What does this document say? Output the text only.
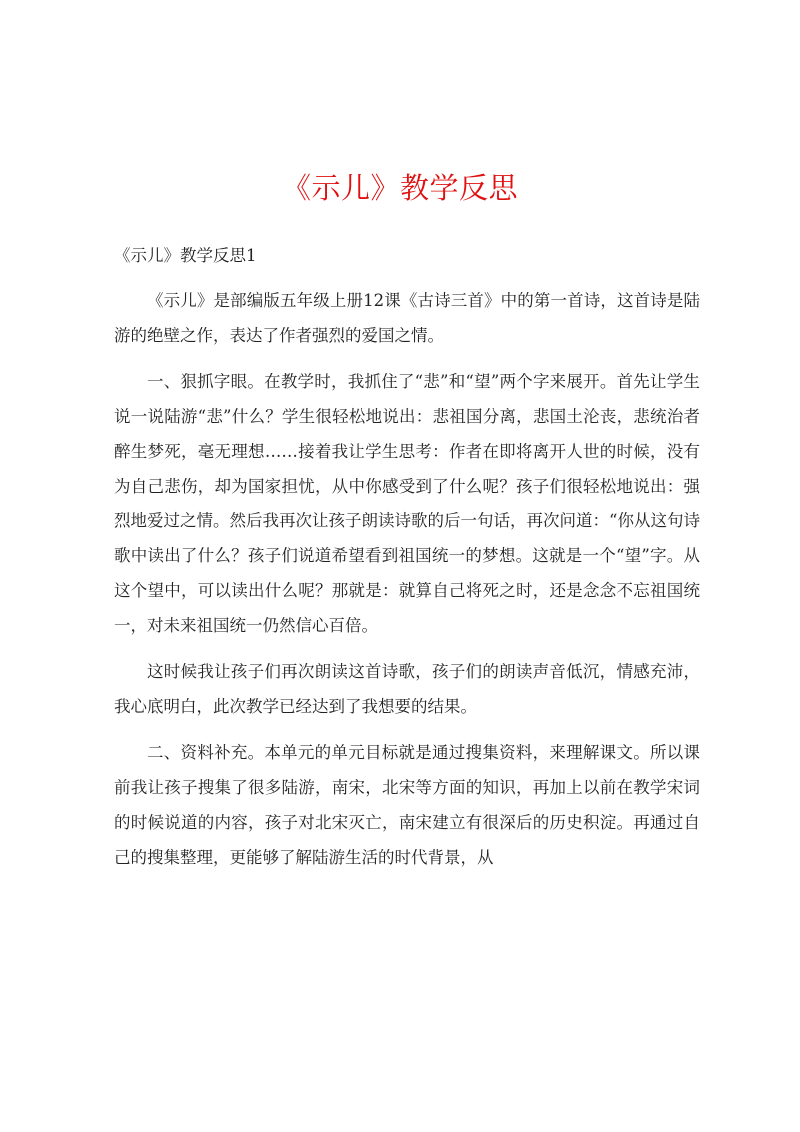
《示儿》教学反思
《示儿》教学反思1

《示儿》是部编版五年级上册12课《古诗三首》中的第一首诗，这首诗是陆游的绝壁之作，表达了作者强烈的爱国之情。

一、狠抓字眼。在教学时，我抓住了“悲”和“望”两个字来展开。首先让学生说一说陆游“悲”什么？学生很轻松地说出：悲祖国分离，悲国土沦丧，悲统治者醉生梦死，毫无理想……接着我让学生思考：作者在即将离开人世的时候，没有为自己悲伤，却为国家担忧，从中你感受到了什么呢？孩子们很轻松地说出：强烈地爱过之情。然后我再次让孩子朗读诗歌的后一句话，再次问道：“你从这句诗歌中读出了什么？孩子们说道希望看到祖国统一的梦想。这就是一个“望”字。从这个望中，可以读出什么呢？那就是：就算自己将死之时，还是念念不忘祖国统一，对未来祖国统一仍然信心百倍。

这时候我让孩子们再次朗读这首诗歌，孩子们的朗读声音低沉，情感充沛，我心底明白，此次教学已经达到了我想要的结果。

二、资料补充。本单元的单元目标就是通过搜集资料，来理解课文。所以课前我让孩子搜集了很多陆游，南宋，北宋等方面的知识，再加上以前在教学宋词的时候说道的内容，孩子对北宋灭亡，南宋建立有很深后的历史积淀。再通过自己的搜集整理，更能够了解陆游生活的时代背景，从
